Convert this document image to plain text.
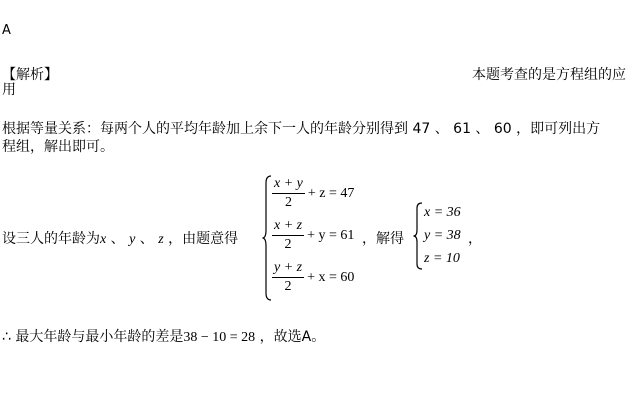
A
【解析】	本题考查的是方程组的应
用
根据等量关系：每两个人的平均年龄加上余下一人的年龄分别得到 47 、 61 、 60 ，即可列出方
程组，解出即可。
设三人的年龄为x 、 y 、 z ，由题意得
$\frac{x + y}{2} + z = 47$
$\frac{x + z}{2} + y = 61$
$\frac{y + z}{2} + x = 60$
，解得
x = 36
y = 38
z = 10
，
∴ 最大年龄与最小年龄的差是38 − 10 = 28 ，故选A。
